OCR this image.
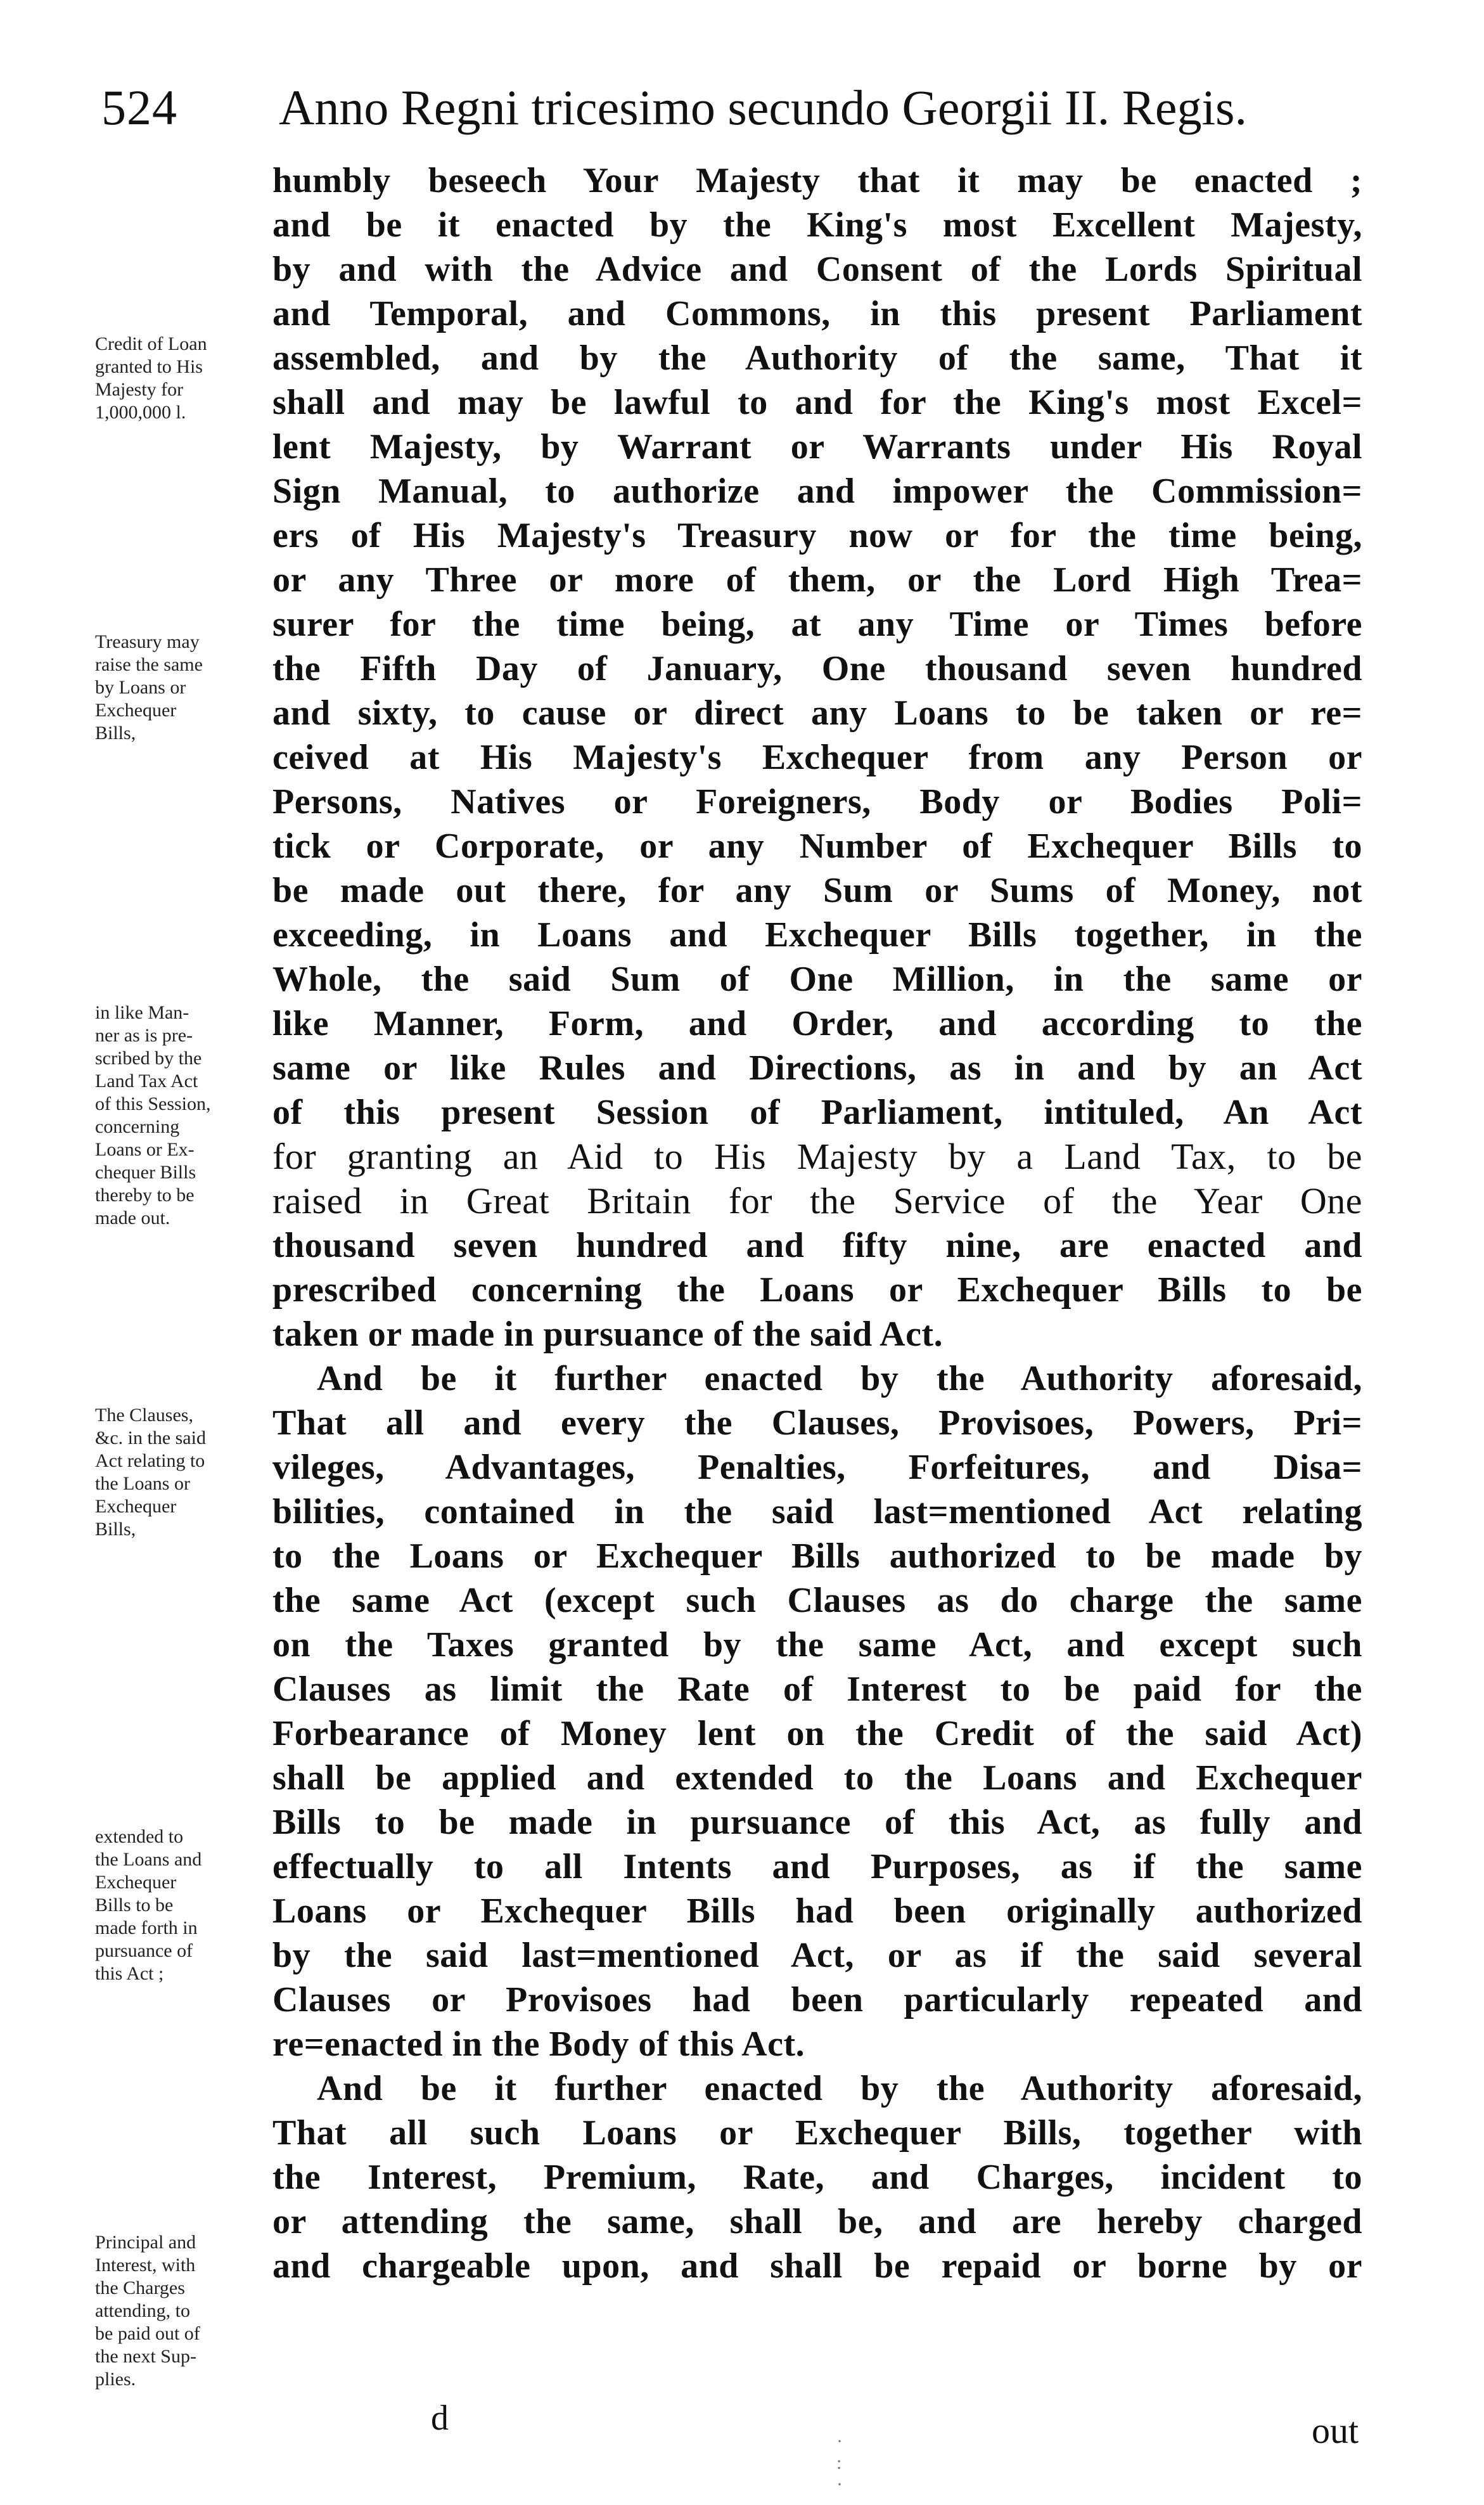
524 Anno Regni tricesimo secundo Georgii II. Regis.
Credit of Loan
granted to His
Majesty for
1,000,000 l.
Treasury may
raise the same
by Loans or
Exchequer
Bills,
in like Man-
ner as is pre-
scribed by the
Land Tax Act
of this Session,
concerning
Loans or Ex-
chequer Bills
thereby to be
made out.
The Clauses,
&c. in the said
Act relating to
the Loans or
Exchequer
Bills,
extended to
the Loans and
Exchequer
Bills to be
made forth in
pursuance of
this Act ;
Principal and
Interest, with
the Charges
attending, to
be paid out of
the next Sup-
plies.
humbly beseech Your Majesty that it may be enacted ;
and be it enacted by the King's most Excellent Majesty,
by and with the Advice and Consent of the Lords Spiritual
and Temporal, and Commons, in this present Parliament
assembled, and by the Authority of the same, That it
shall and may be lawful to and for the King's most Excel=
lent Majesty, by Warrant or Warrants under His Royal
Sign Manual, to authorize and impower the Commission=
ers of His Majesty's Treasury now or for the time being,
or any Three or more of them, or the Lord High Trea=
surer for the time being, at any Time or Times before
the Fifth Day of January, One thousand seven hundred
and sixty, to cause or direct any Loans to be taken or re=
ceived at His Majesty's Exchequer from any Person or
Persons, Natives or Foreigners, Body or Bodies Poli=
tick or Corporate, or any Number of Exchequer Bills to
be made out there, for any Sum or Sums of Money, not
exceeding, in Loans and Exchequer Bills together, in the
Whole, the said Sum of One Million, in the same or
like Manner, Form, and Order, and according to the
same or like Rules and Directions, as in and by an Act
of this present Session of Parliament, intituled, An Act
for granting an Aid to His Majesty by a Land Tax, to be
raised in Great Britain for the Service of the Year One
thousand seven hundred and fifty nine, are enacted and
prescribed concerning the Loans or Exchequer Bills to be
taken or made in pursuance of the said Act.
And be it further enacted by the Authority aforesaid,
That all and every the Clauses, Provisoes, Powers, Pri=
vileges, Advantages, Penalties, Forfeitures, and Disa=
bilities, contained in the said last=mentioned Act relating
to the Loans or Exchequer Bills authorized to be made by
the same Act (except such Clauses as do charge the same
on the Taxes granted by the same Act, and except such
Clauses as limit the Rate of Interest to be paid for the
Forbearance of Money lent on the Credit of the said Act)
shall be applied and extended to the Loans and Exchequer
Bills to be made in pursuance of this Act, as fully and
effectually to all Intents and Purposes, as if the same
Loans or Exchequer Bills had been originally authorized
by the said last=mentioned Act, or as if the said several
Clauses or Provisoes had been particularly repeated and
re=enacted in the Body of this Act.
And be it further enacted by the Authority aforesaid,
That all such Loans or Exchequer Bills, together with
the Interest, Premium, Rate, and Charges, incident to
or attending the same, shall be, and are hereby charged
and chargeable upon, and shall be repaid or borne by or
d
· : ·
out
